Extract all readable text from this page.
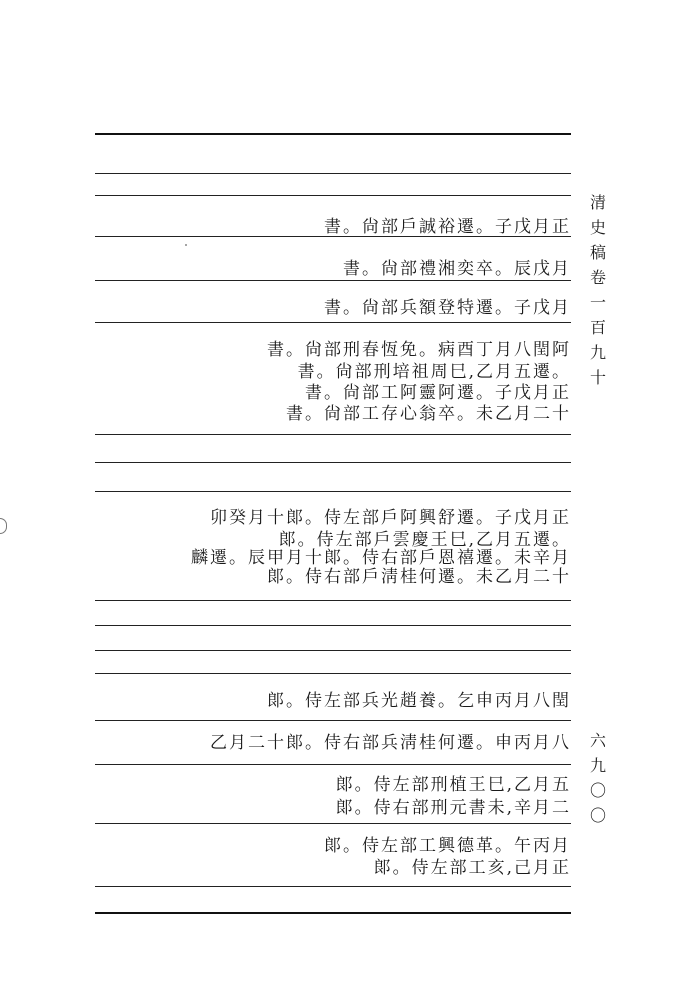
書。尙部戶誠裕遷。子戊月正
書。尙部禮湘奕卒。辰戊月
書。尙部兵額登特遷。子戊月
書。尙部刑春恆免。病酉丁月八閏阿
書。尙部刑培祖周巳,乙月五遷。
書。尙部工阿靈阿遷。子戊月正
書。尙部工存心翁卒。未乙月二十
卯癸月十郞。侍左部戶阿興舒遷。子戊月正
郞。侍左部戶雲慶王巳,乙月五遷。
麟遷。辰甲月十郞。侍右部戶恩禧遷。未辛月
郞。侍右部戶淸桂何遷。未乙月二十
郞。侍左部兵光趙養。乞申丙月八閏
乙月二十郞。侍右部兵淸桂何遷。申丙月八
郞。侍左部刑植王巳,乙月五
郞。侍右部刑元書未,辛月二
郞。侍左部工興德革。午丙月
郞。侍左部工亥,己月正
清史稿卷一百九十
六九〇〇
